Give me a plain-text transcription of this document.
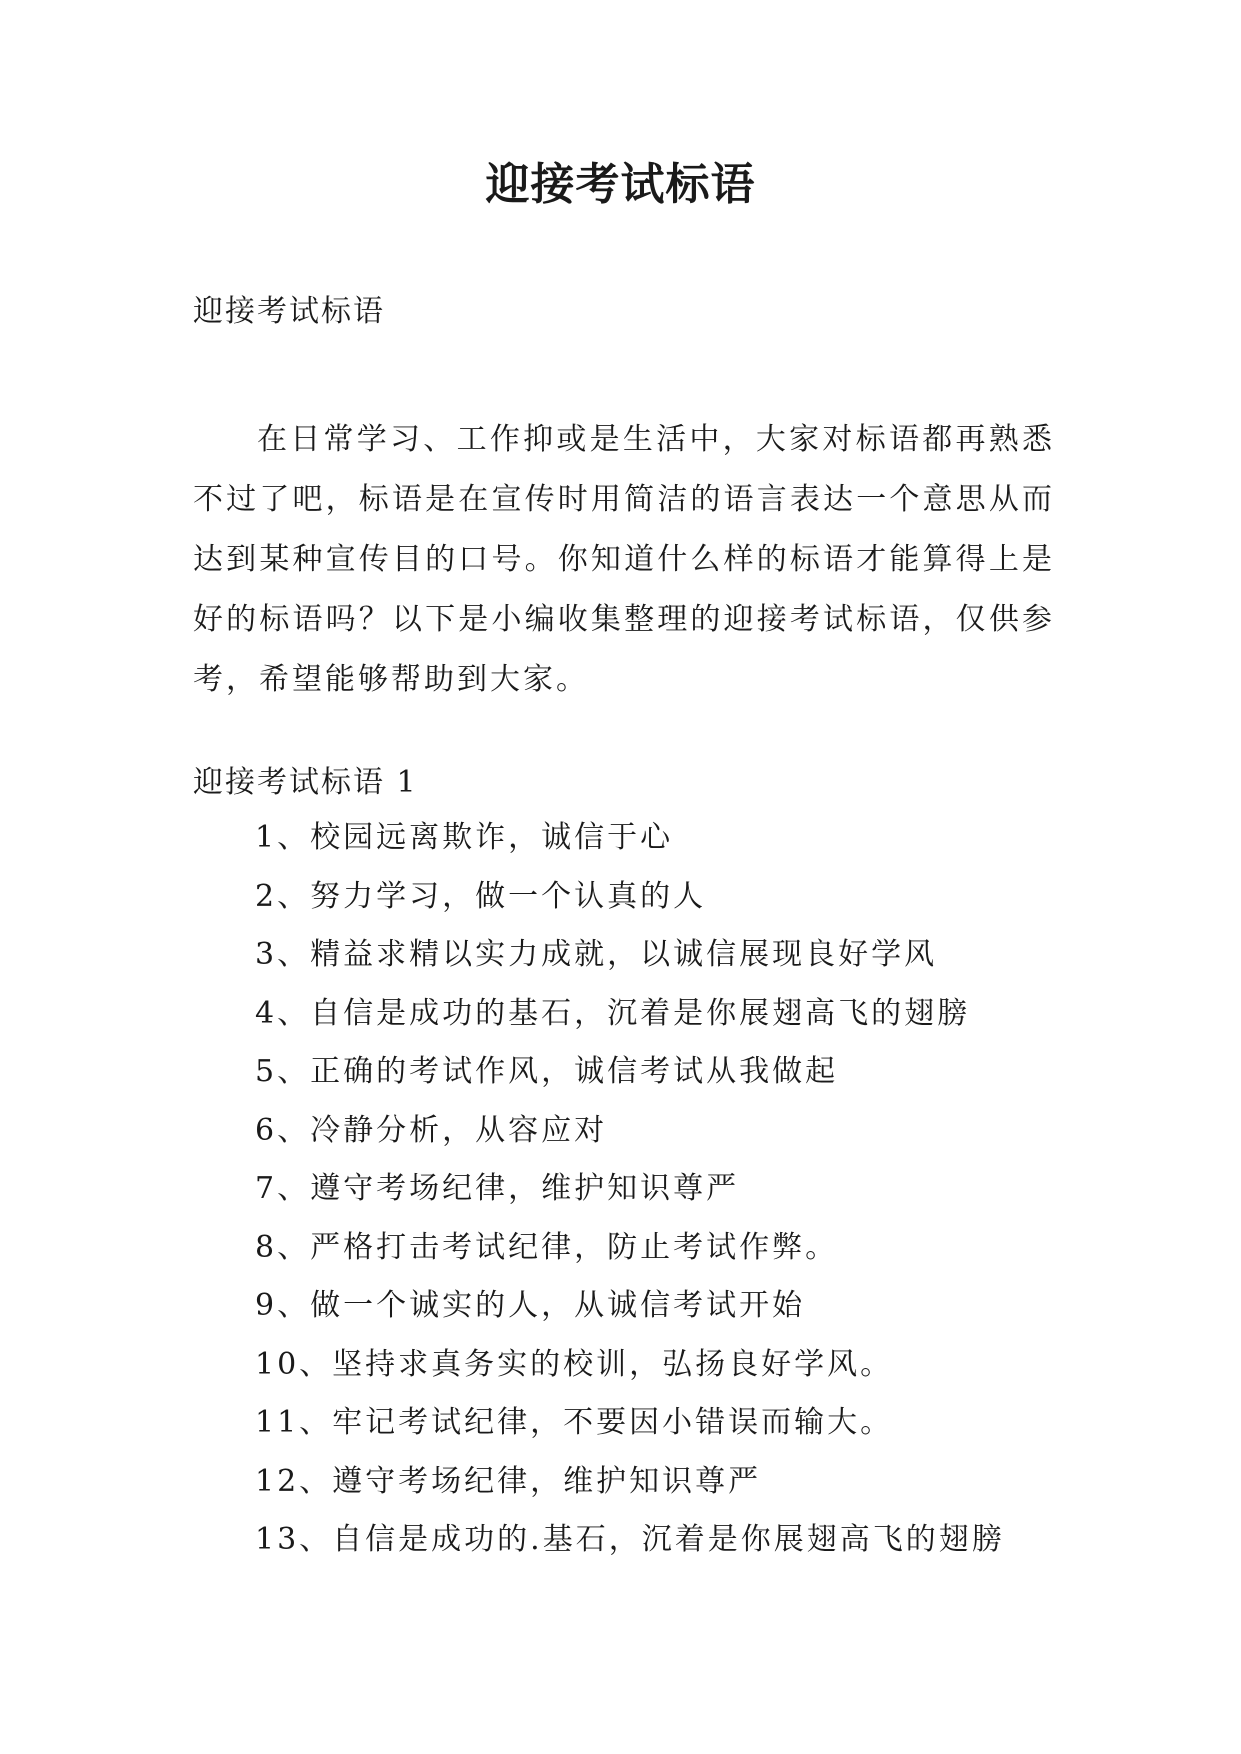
迎接考试标语
迎接考试标语

在日常学习、工作抑或是生活中，大家对标语都再熟悉不过了吧，标语是在宣传时用简洁的语言表达一个意思从而达到某种宣传目的口号。你知道什么样的标语才能算得上是好的标语吗？以下是小编收集整理的迎接考试标语，仅供参考，希望能够帮助到大家。

迎接考试标语 1
1、校园远离欺诈，诚信于心
2、努力学习，做一个认真的人
3、精益求精以实力成就，以诚信展现良好学风
4、自信是成功的基石，沉着是你展翅高飞的翅膀
5、正确的考试作风，诚信考试从我做起
6、冷静分析，从容应对
7、遵守考场纪律，维护知识尊严
8、严格打击考试纪律，防止考试作弊。
9、做一个诚实的人，从诚信考试开始
10、坚持求真务实的校训，弘扬良好学风。
11、牢记考试纪律，不要因小错误而输大。
12、遵守考场纪律，维护知识尊严
13、自信是成功的.基石，沉着是你展翅高飞的翅膀
